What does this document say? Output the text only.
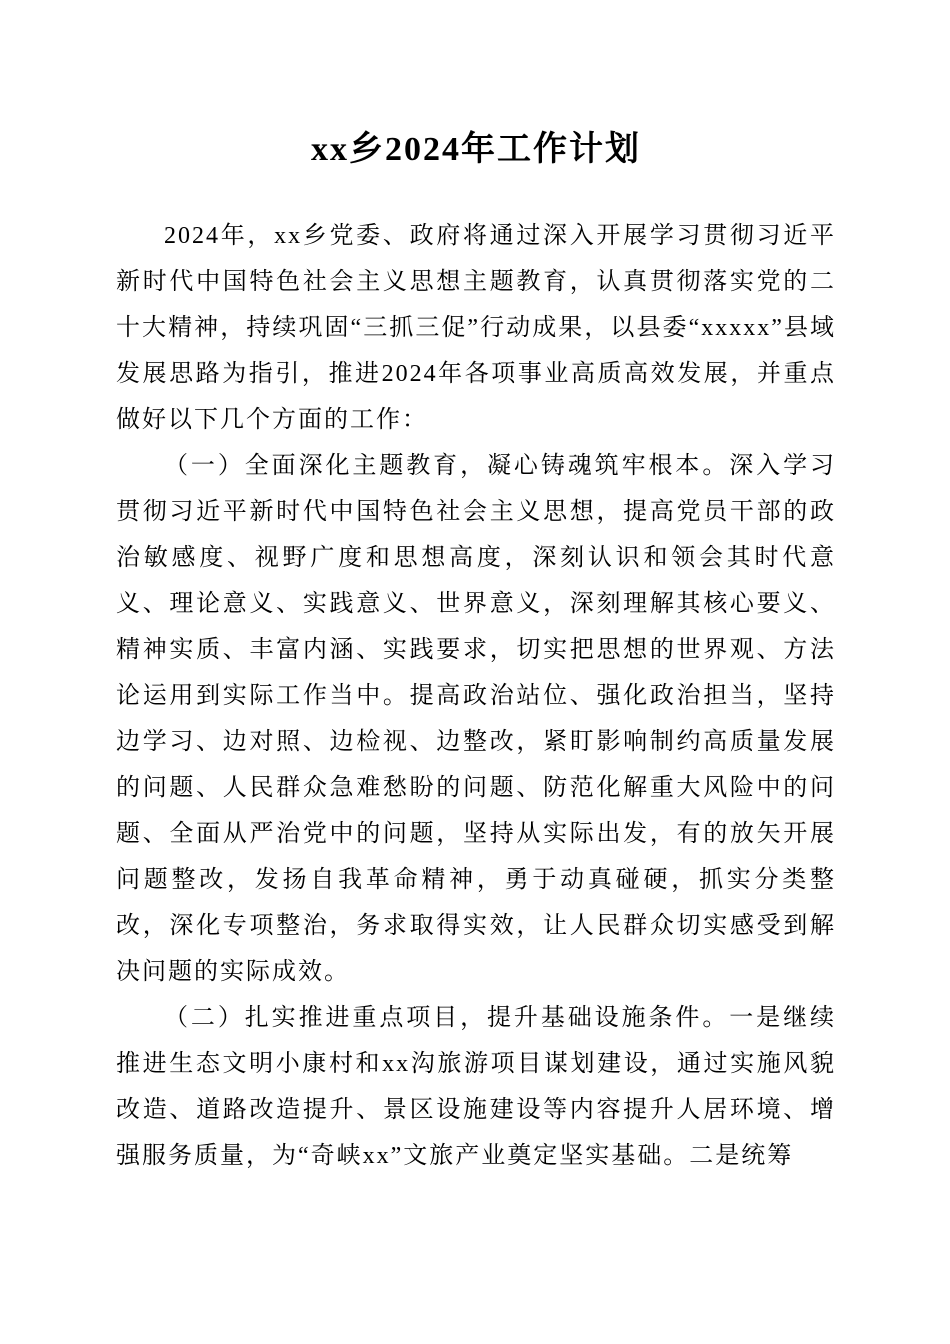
xx乡2024年工作计划

2024年，xx乡党委、政府将通过深入开展学习贯彻习近平新时代中国特色社会主义思想主题教育，认真贯彻落实党的二十大精神，持续巩固“三抓三促”行动成果，以县委“xxxxx”县域发展思路为指引，推进2024年各项事业高质高效发展，并重点做好以下几个方面的工作：

（一）全面深化主题教育，凝心铸魂筑牢根本。深入学习贯彻习近平新时代中国特色社会主义思想，提高党员干部的政治敏感度、视野广度和思想高度，深刻认识和领会其时代意义、理论意义、实践意义、世界意义，深刻理解其核心要义、精神实质、丰富内涵、实践要求，切实把思想的世界观、方法论运用到实际工作当中。提高政治站位、强化政治担当，坚持边学习、边对照、边检视、边整改，紧盯影响制约高质量发展的问题、人民群众急难愁盼的问题、防范化解重大风险中的问题、全面从严治党中的问题，坚持从实际出发，有的放矢开展问题整改，发扬自我革命精神，勇于动真碰硬，抓实分类整改，深化专项整治，务求取得实效，让人民群众切实感受到解决问题的实际成效。

（二）扎实推进重点项目，提升基础设施条件。一是继续推进生态文明小康村和xx沟旅游项目谋划建设，通过实施风貌改造、道路改造提升、景区设施建设等内容提升人居环境、增强服务质量，为“奇峡xx”文旅产业奠定坚实基础。二是统筹
